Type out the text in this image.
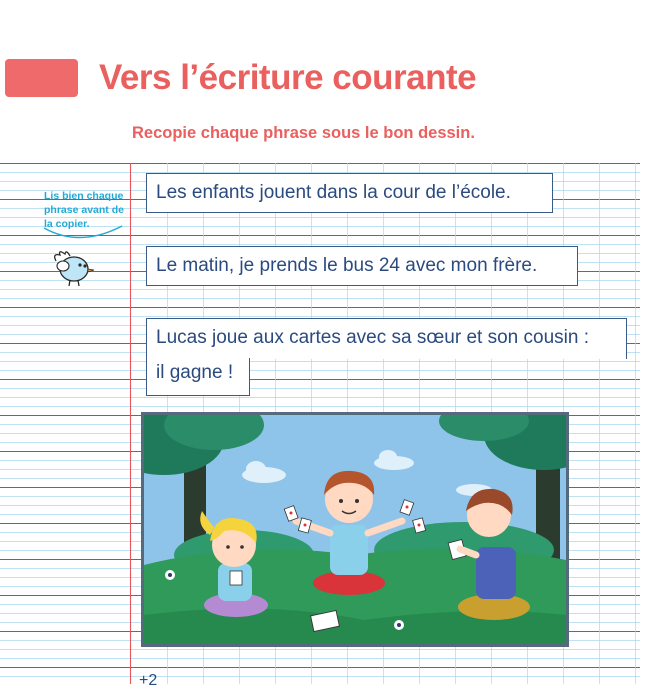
Vers l’écriture courante
Recopie chaque phrase sous le bon dessin.
Lis bien chaque phrase avant de la copier.
Les enfants jouent dans la cour de l’école.
Le matin, je prends le bus 24 avec mon frère.
Lucas joue aux cartes avec sa sœur et son cousin :
il gagne !
+2
